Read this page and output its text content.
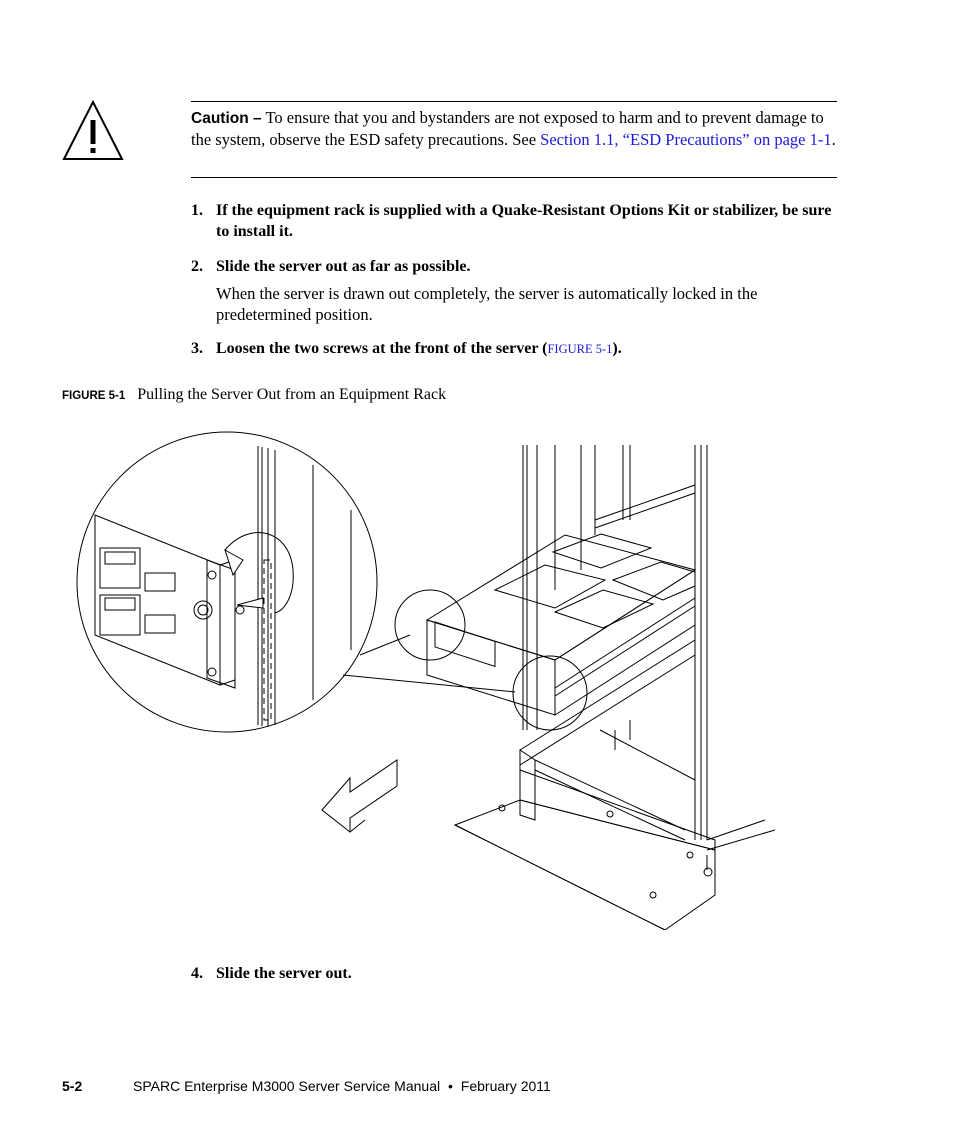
Caution – To ensure that you and bystanders are not exposed to harm and to prevent damage to the system, observe the ESD safety precautions. See Section 1.1, “ESD Precautions” on page 1-1.
1. If the equipment rack is supplied with a Quake-Resistant Options Kit or stabilizer, be sure to install it.
2. Slide the server out as far as possible.
When the server is drawn out completely, the server is automatically locked in the predetermined position.
3. Loosen the two screws at the front of the server (FIGURE 5-1).
FIGURE 5-1 Pulling the Server Out from an Equipment Rack
4. Slide the server out.
5-2	SPARC Enterprise M3000 Server Service Manual • February 2011
